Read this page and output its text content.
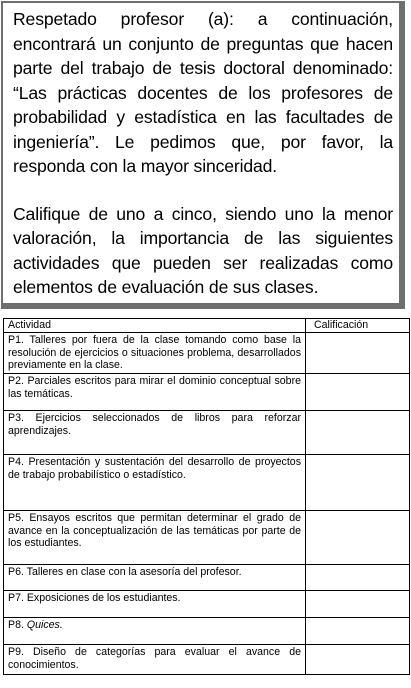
Respetado profesor (a): a continuación, encontrará un conjunto de preguntas que hacen parte del trabajo de tesis doctoral denominado: “Las prácticas docentes de los profesores de probabilidad y estadística en las facultades de ingeniería”. Le pedimos que, por favor, la responda con la mayor sinceridad.

Califique de uno a cinco, siendo uno la menor valoración, la importancia de las siguientes actividades que pueden ser realizadas como elementos de evaluación de sus clases.

Actividad	Calificación
P1. Talleres por fuera de la clase tomando como base la resolución de ejercicios o situaciones problema, desarrollados previamente en la clase.	
P2. Parciales escritos para mirar el dominio conceptual sobre las temáticas.	
P3. Ejercicios seleccionados de libros para reforzar aprendizajes.	
P4. Presentación y sustentación del desarrollo de proyectos de trabajo probabilístico o estadístico.	
P5. Ensayos escritos que permitan determinar el grado de avance en la conceptualización de las temáticas por parte de los estudiantes.	
P6. Talleres en clase con la asesoría del profesor.	
P7. Exposiciones de los estudiantes.	
P8. Quices.	
P9. Diseño de categorías para evaluar el avance de conocimientos.	
